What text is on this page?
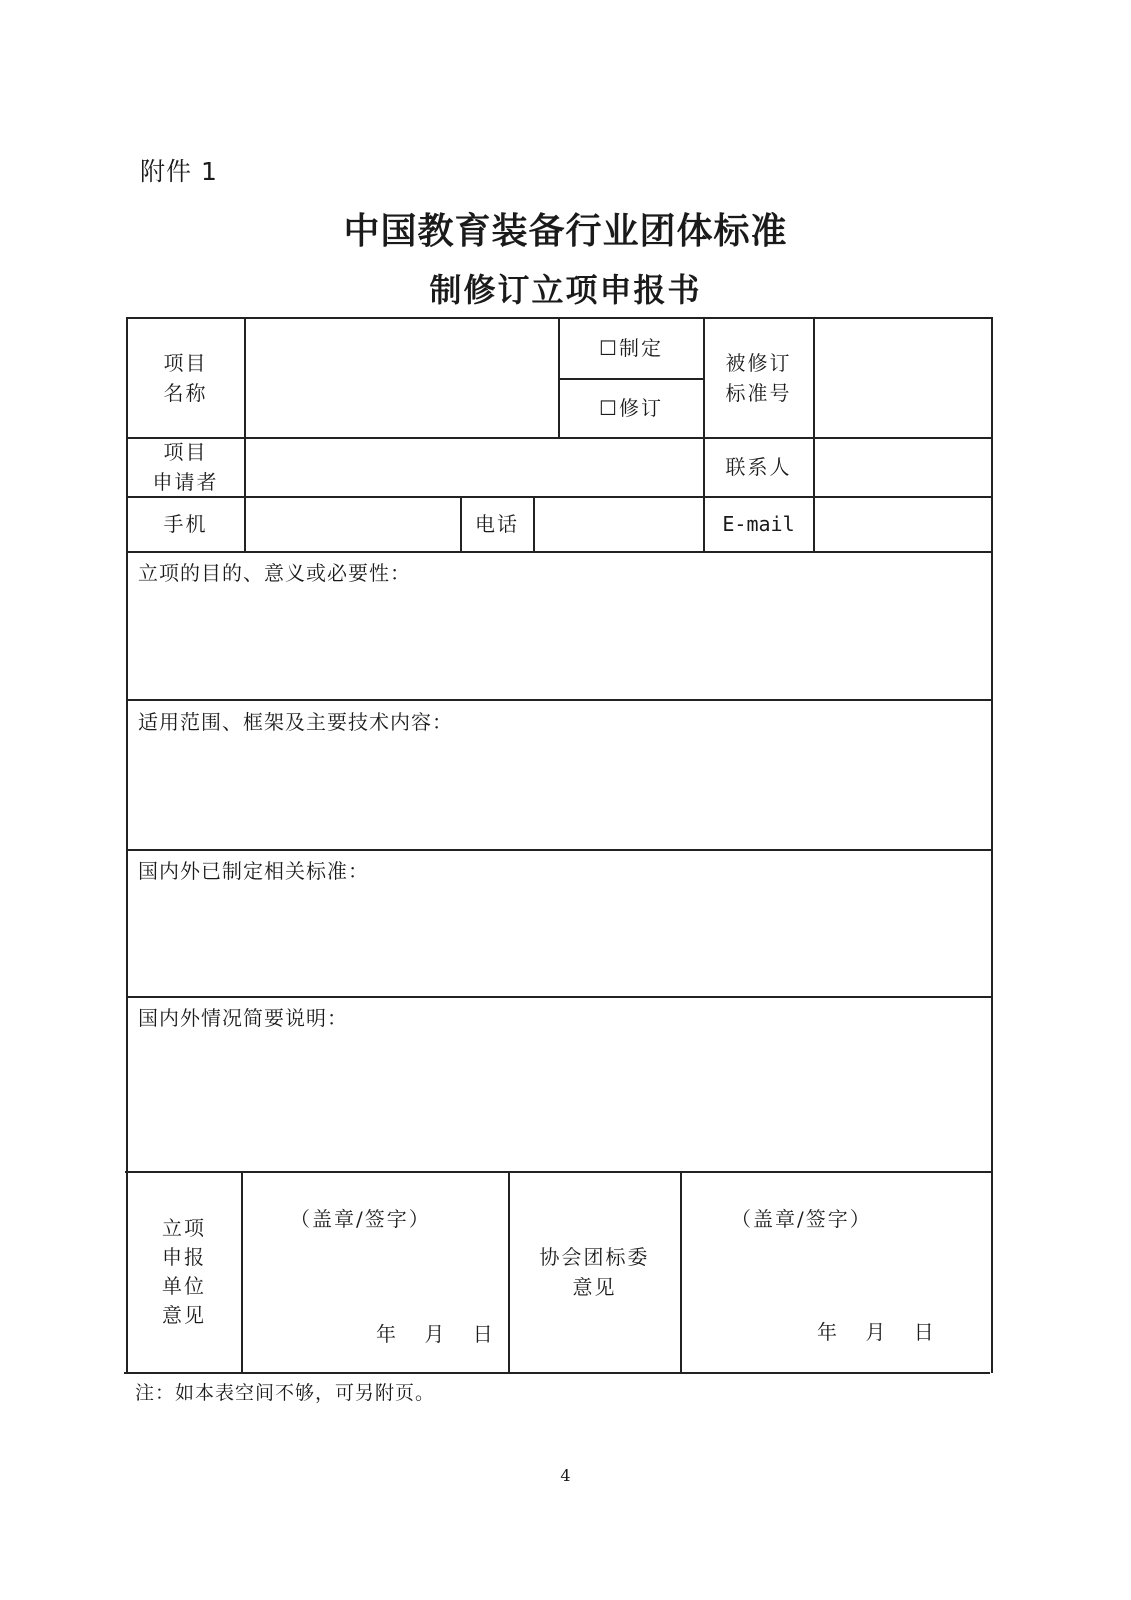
附件 1
中国教育装备行业团体标准
制修订立项申报书
项目
名称
☐制定
☐修订
被修订
标准号
项目
申请者
联系人
手机	电话	E-mail
立项的目的、意义或必要性：
适用范围、框架及主要技术内容：
国内外已制定相关标准：
国内外情况简要说明：
立项
申报
单位
意见
（盖章/签字）
年 月 日
协会团标委
意见
（盖章/签字）
年 月 日
注：如本表空间不够，可另附页。
4
